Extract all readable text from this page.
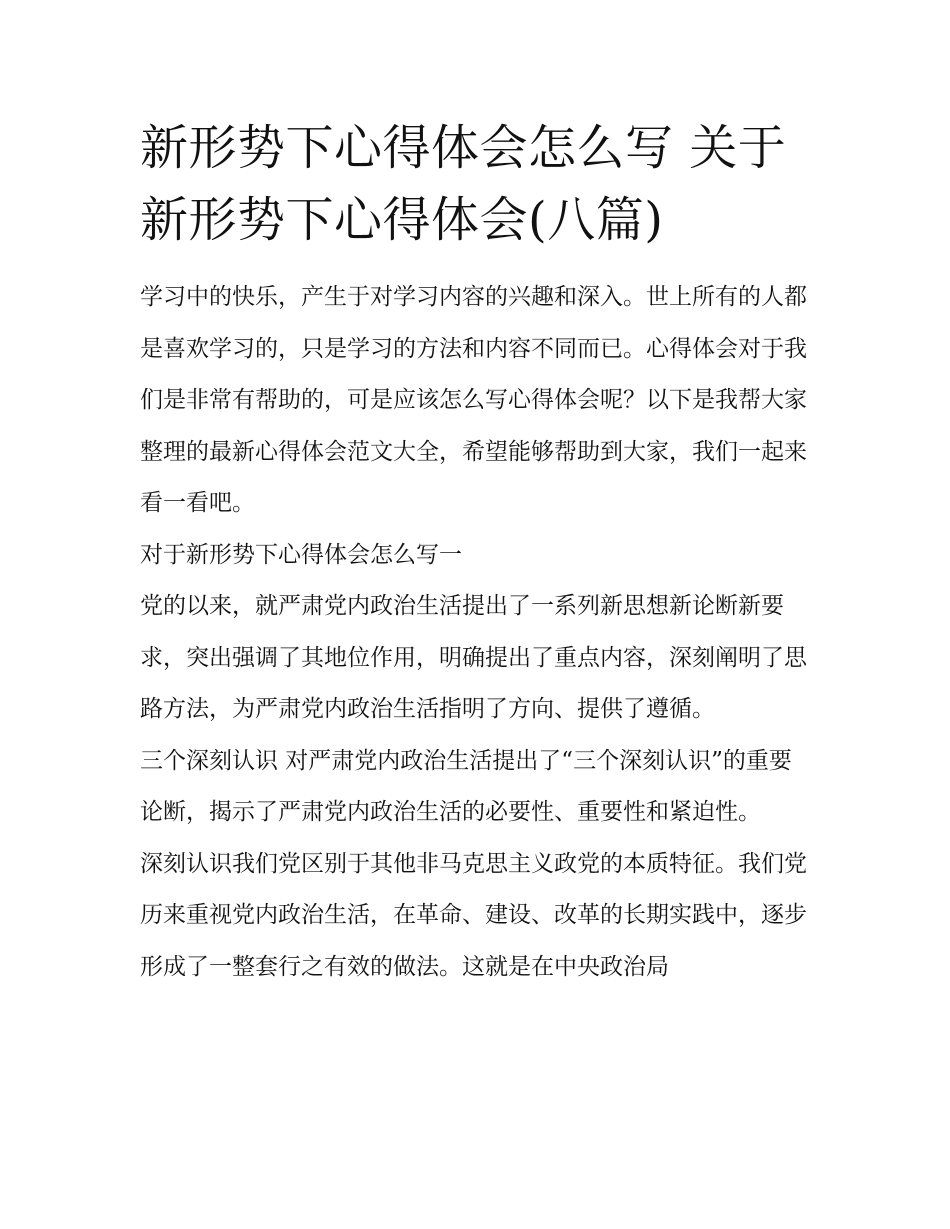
新形势下心得体会怎么写 关于
新形势下心得体会(八篇)

学习中的快乐，产生于对学习内容的兴趣和深入。世上所有的人都是喜欢学习的，只是学习的方法和内容不同而已。心得体会对于我们是非常有帮助的，可是应该怎么写心得体会呢？以下是我帮大家整理的最新心得体会范文大全，希望能够帮助到大家，我们一起来看一看吧。

对于新形势下心得体会怎么写一

党的以来，就严肃党内政治生活提出了一系列新思想新论断新要求，突出强调了其地位作用，明确提出了重点内容，深刻阐明了思路方法，为严肃党内政治生活指明了方向、提供了遵循。

三个深刻认识 对严肃党内政治生活提出了“三个深刻认识”的重要论断，揭示了严肃党内政治生活的必要性、重要性和紧迫性。

深刻认识我们党区别于其他非马克思主义政党的本质特征。我们党历来重视党内政治生活，在革命、建设、改革的长期实践中，逐步形成了一整套行之有效的做法。这就是在中央政治局
